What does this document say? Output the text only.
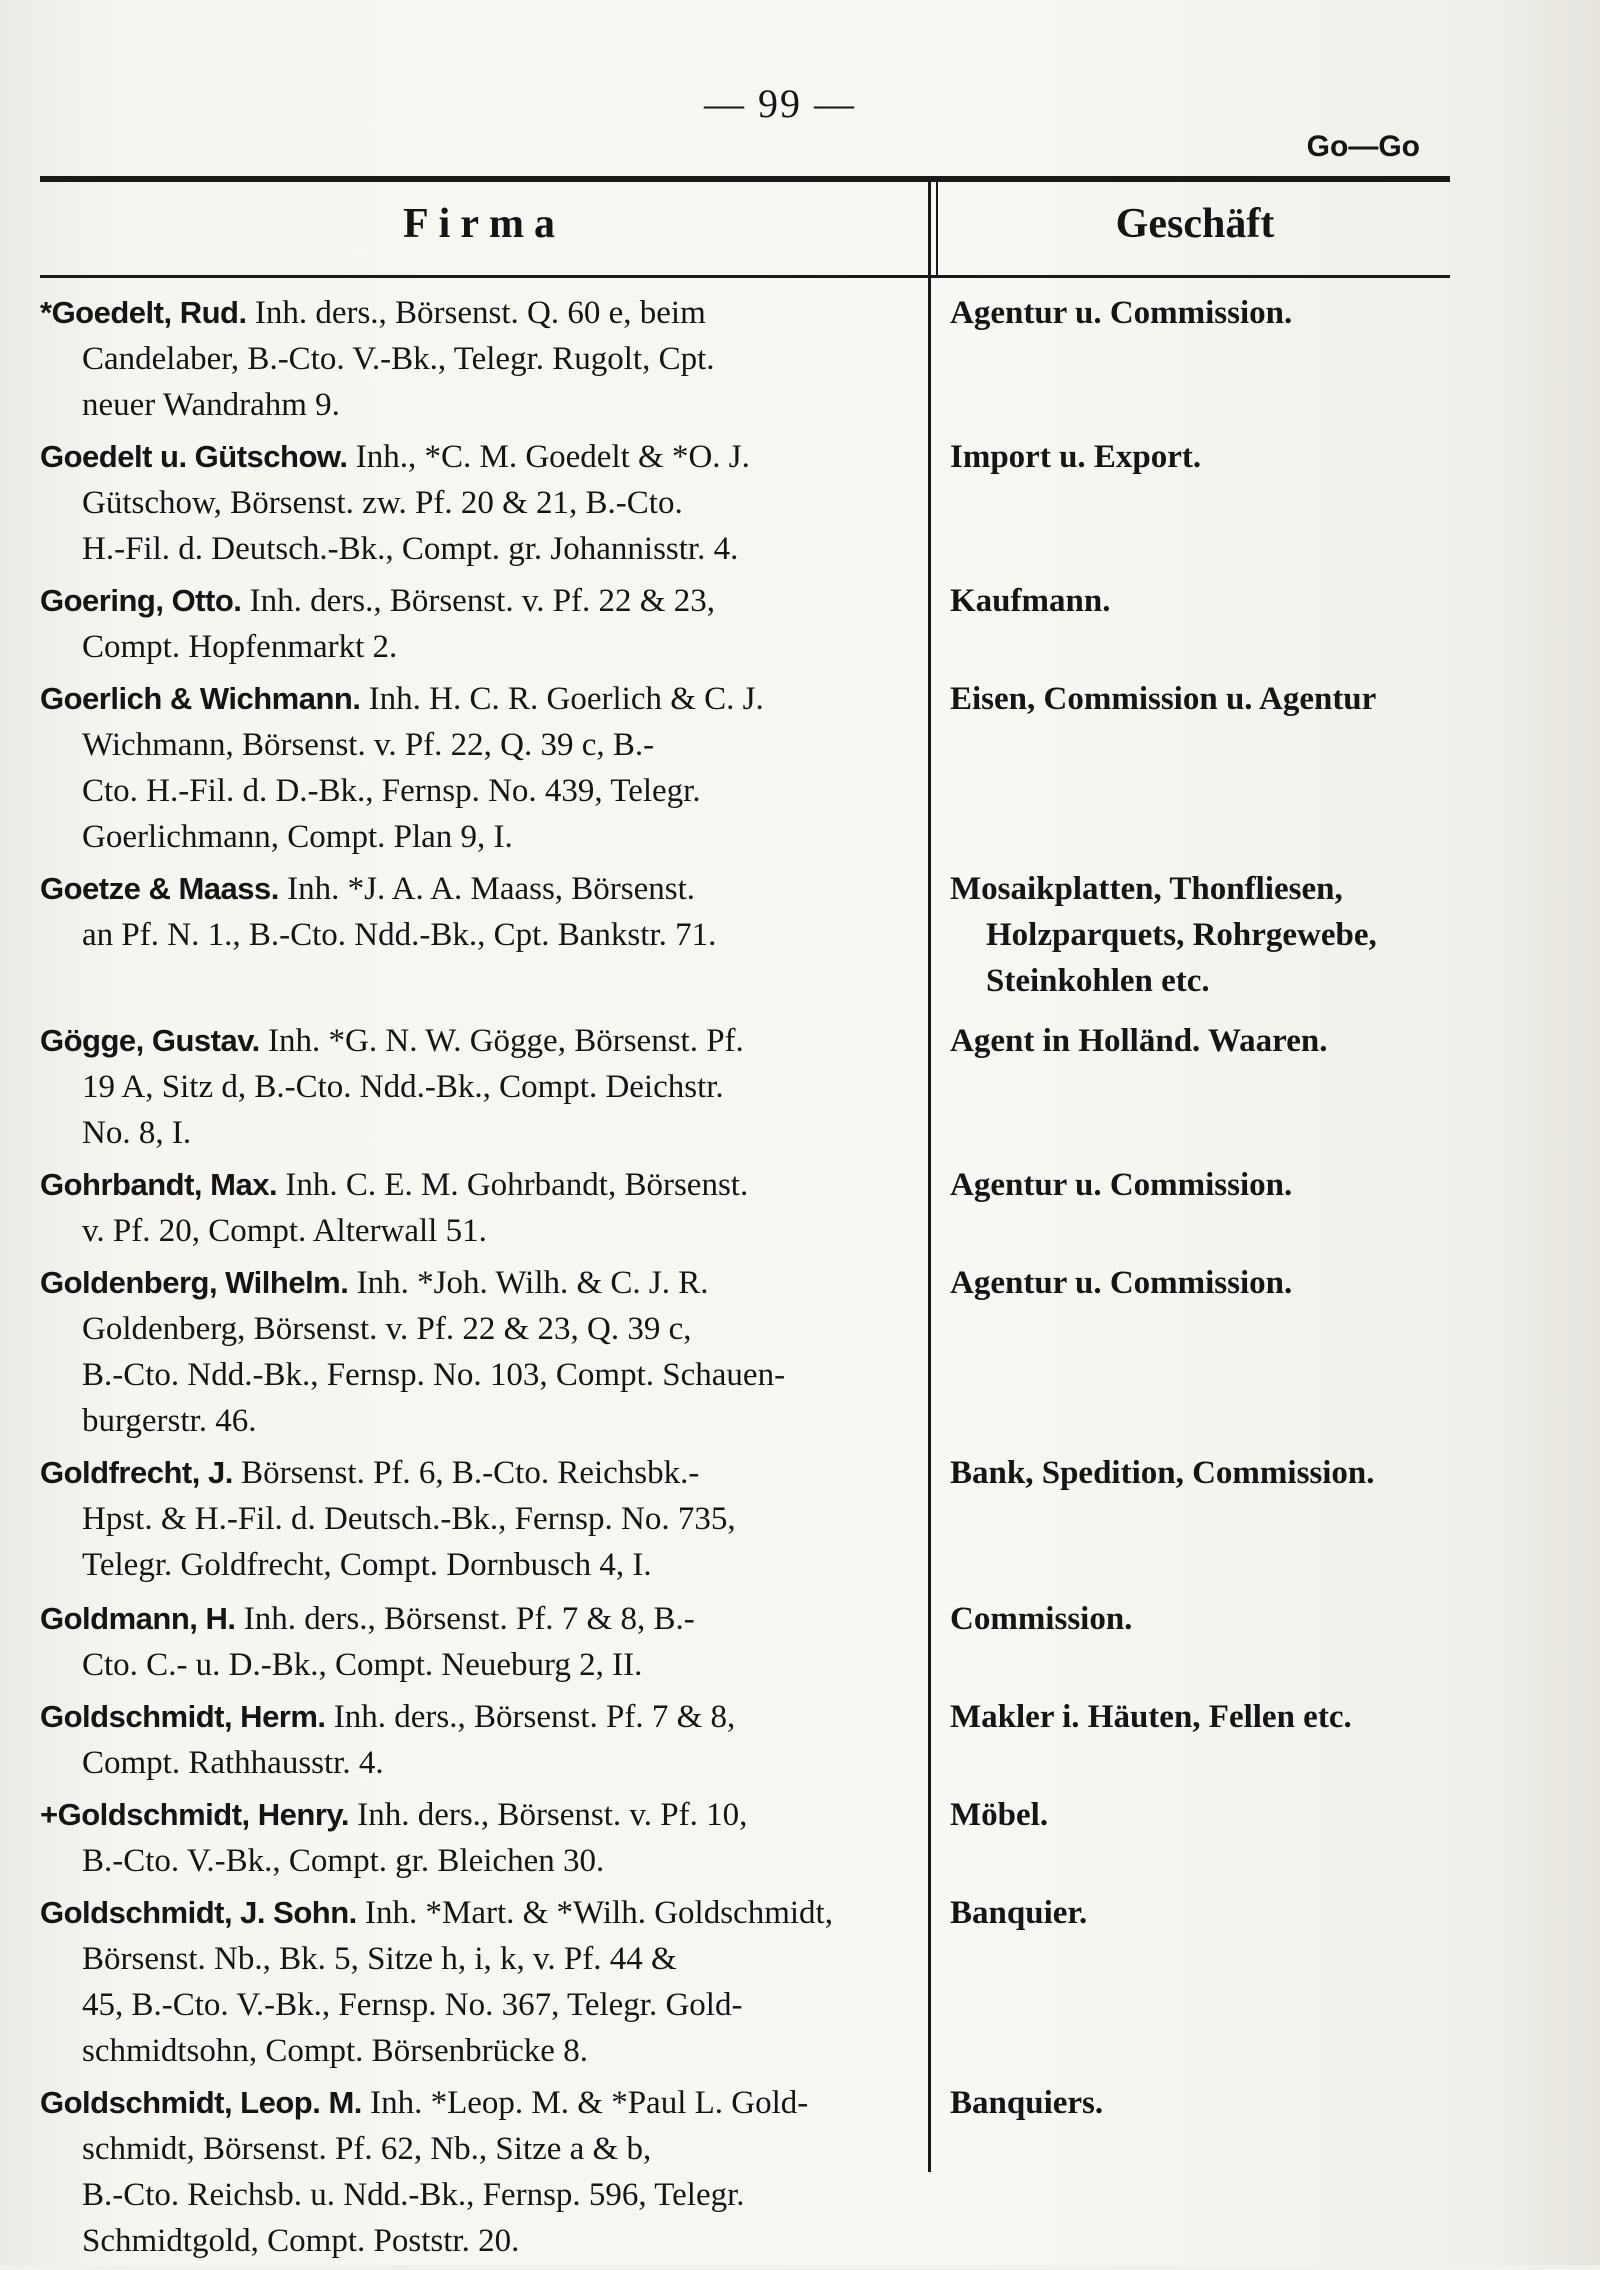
— 99 —
Go—Go
Firma	Geschäft
*Goedelt, Rud. Inh. ders., Börsenst. Q. 60 e, beim
Candelaber, B.-Cto. V.-Bk., Telegr. Rugolt, Cpt.
neuer Wandrahm 9.
Agentur u. Commission.
Goedelt u. Gütschow. Inh., *C. M. Goedelt & *O. J.
Gütschow, Börsenst. zw. Pf. 20 & 21, B.-Cto.
H.-Fil. d. Deutsch.-Bk., Compt. gr. Johannisstr. 4.
Import u. Export.
Goering, Otto. Inh. ders., Börsenst. v. Pf. 22 & 23,
Compt. Hopfenmarkt 2.
Kaufmann.
Goerlich & Wichmann. Inh. H. C. R. Goerlich & C. J.
Wichmann, Börsenst. v. Pf. 22, Q. 39 c, B.-
Cto. H.-Fil. d. D.-Bk., Fernsp. No. 439, Telegr.
Goerlichmann, Compt. Plan 9, I.
Eisen, Commission u. Agentur
Goetze & Maass. Inh. *J. A. A. Maass, Börsenst.
an Pf. N. 1., B.-Cto. Ndd.-Bk., Cpt. Bankstr. 71.
Mosaikplatten, Thonfliesen,
Holzparquets, Rohrgewebe,
Steinkohlen etc.
Gögge, Gustav. Inh. *G. N. W. Gögge, Börsenst. Pf.
19 A, Sitz d, B.-Cto. Ndd.-Bk., Compt. Deichstr.
No. 8, I.
Agent in Holländ. Waaren.
Gohrbandt, Max. Inh. C. E. M. Gohrbandt, Börsenst.
v. Pf. 20, Compt. Alterwall 51.
Agentur u. Commission.
Goldenberg, Wilhelm. Inh. *Joh. Wilh. & C. J. R.
Goldenberg, Börsenst. v. Pf. 22 & 23, Q. 39 c,
B.-Cto. Ndd.-Bk., Fernsp. No. 103, Compt. Schauen-
burgerstr. 46.
Agentur u. Commission.
Goldfrecht, J. Börsenst. Pf. 6, B.-Cto. Reichsbk.-
Hpst. & H.-Fil. d. Deutsch.-Bk., Fernsp. No. 735,
Telegr. Goldfrecht, Compt. Dornbusch 4, I.
Bank, Spedition, Commission.
Goldmann, H. Inh. ders., Börsenst. Pf. 7 & 8, B.-
Cto. C.- u. D.-Bk., Compt. Neueburg 2, II.
Commission.
Goldschmidt, Herm. Inh. ders., Börsenst. Pf. 7 & 8,
Compt. Rathhausstr. 4.
Makler i. Häuten, Fellen etc.
+Goldschmidt, Henry. Inh. ders., Börsenst. v. Pf. 10,
B.-Cto. V.-Bk., Compt. gr. Bleichen 30.
Möbel.
Goldschmidt, J. Sohn. Inh. *Mart. & *Wilh. Goldschmidt,
Börsenst. Nb., Bk. 5, Sitze h, i, k, v. Pf. 44 &
45, B.-Cto. V.-Bk., Fernsp. No. 367, Telegr. Gold-
schmidtsohn, Compt. Börsenbrücke 8.
Banquier.
Goldschmidt, Leop. M. Inh. *Leop. M. & *Paul L. Gold-
schmidt, Börsenst. Pf. 62, Nb., Sitze a & b,
B.-Cto. Reichsb. u. Ndd.-Bk., Fernsp. 596, Telegr.
Schmidtgold, Compt. Poststr. 20.
Banquiers.
